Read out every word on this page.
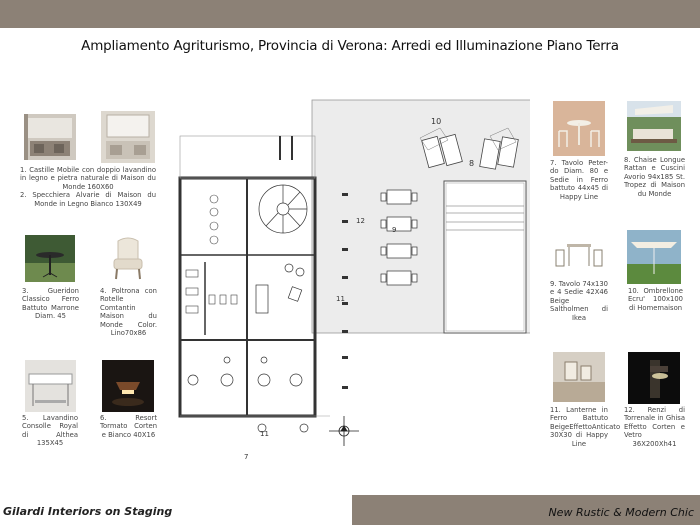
Ampliamento Agriturismo, Provincia di Verona: Arredi ed Illuminazione Piano Terra
1. Castille Mobile con doppio lavandino in legno e pietra naturale di Maison du Monde 160X60
2. Specchiera Alvarie di Maison du Monde in Legno Bianco 130X49
3. Gueridon Classico Ferro Battuto Marrone Diam. 45
4. Poltrona con Rotelle Comtantin Maison du Monde Color. Lino70x86
5. Lavandino Consolle Royal di Althea 135X45
6. Resort Tormato Corten e Bianco 40X16
7. Tavolo Peter-do Diam. 80 e Sedie in Ferro battuto 44x45 di Happy Line
8. Chaise Longue Rattan e Cuscini Avorio 94x185 St. Tropez di Maison du Monde
9. Tavolo 74x130 e 4 Sedie 42X46 Beige Saltholmen di Ikea
10. Ombrellone Ecru' 100x100 di Homemaison
11. Lanterne in Ferro Battuto BeigeEffettoAnticato 30X30 di Happy Line
12. Renzi di Torrenale in Ghisa Effetto Corten e Vetro 36X200Xh41
10
8
9
12
11
7
11
Gilardi Interiors on Staging	New Rustic & Modern Chic
